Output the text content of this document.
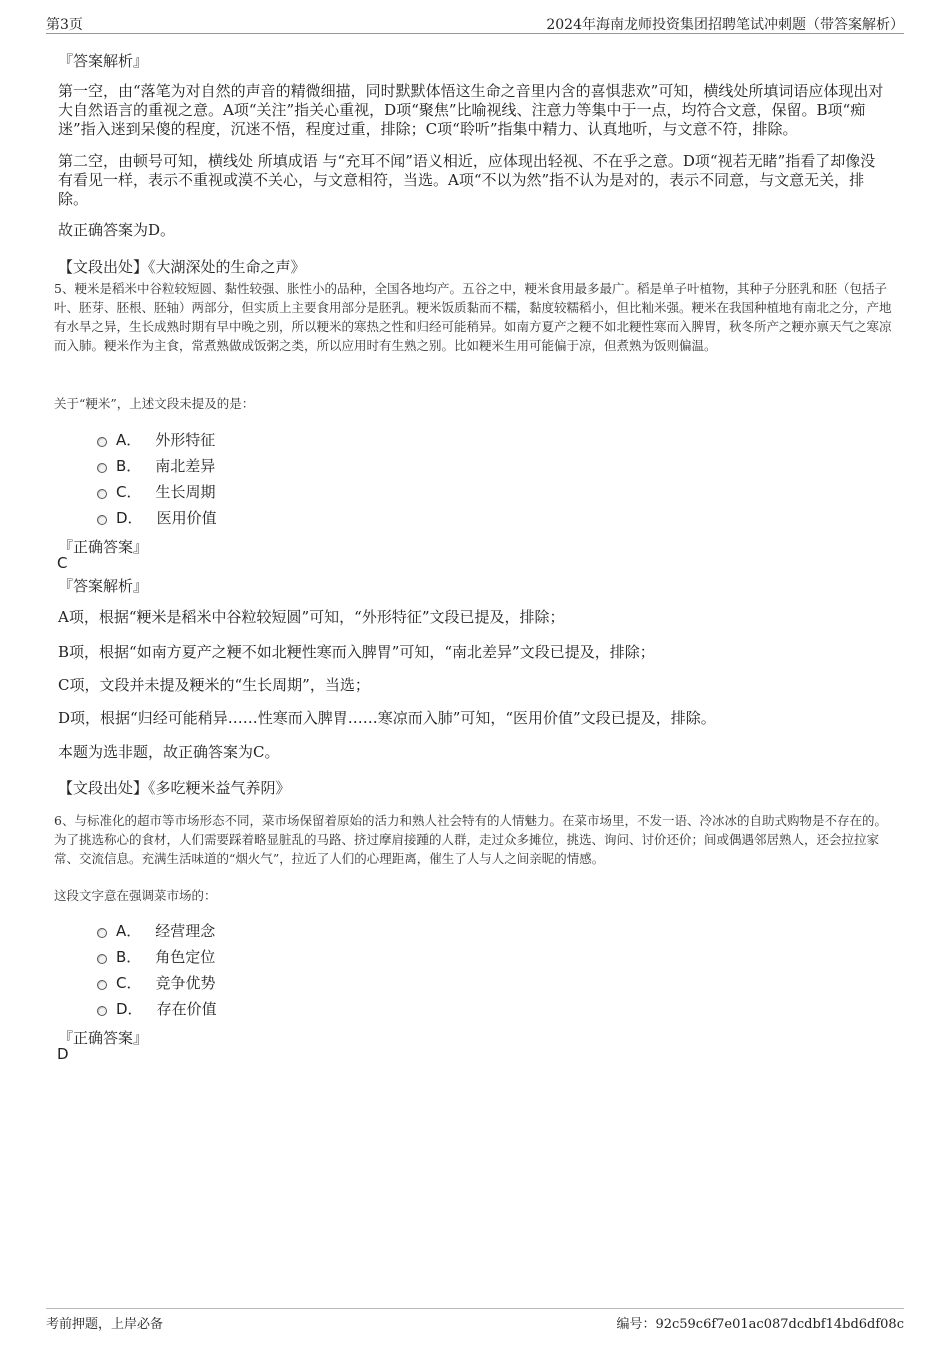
第3页	2024年海南龙师投资集团招聘笔试冲刺题（带答案解析）
『答案解析』
第一空，由“落笔为对自然的声音的精微细描，同时默默体悟这生命之音里内含的喜惧悲欢”可知，横线处所填词语应体现出对大自然语言的重视之意。A项“关注”指关心重视，D项“聚焦”比喻视线、注意力等集中于一点，均符合文意，保留。B项“痴迷”指入迷到呆傻的程度，沉迷不悟，程度过重，排除；C项“聆听”指集中精力、认真地听，与文意不符，排除。
第二空，由顿号可知，横线处 所填成语 与“充耳不闻”语义相近，应体现出轻视、不在乎之意。D项“视若无睹”指看了却像没有看见一样，表示不重视或漠不关心，与文意相符，当选。A项“不以为然”指不认为是对的，表示不同意，与文意无关，排除。
故正确答案为D。
【文段出处】《大湖深处的生命之声》
5、粳米是稻米中谷粒较短圆、黏性较强、胀性小的品种，全国各地均产。五谷之中，粳米食用最多最广。稻是单子叶植物，其种子分胚乳和胚（包括子叶、胚芽、胚根、胚轴）两部分，但实质上主要食用部分是胚乳。粳米饭质黏而不糯，黏度较糯稻小，但比籼米强。粳米在我国种植地有南北之分，产地有水旱之异，生长成熟时期有早中晚之别，所以粳米的寒热之性和归经可能稍异。如南方夏产之粳不如北粳性寒而入脾胃，秋冬所产之粳亦禀天气之寒凉而入肺。粳米作为主食，常煮熟做成饭粥之类，所以应用时有生熟之别。比如粳米生用可能偏于凉，但煮熟为饭则偏温。
关于“粳米”，上述文段未提及的是：
A． 外形特征
B． 南北差异
C． 生长周期
D． 医用价值
『正确答案』
C
『答案解析』
A项，根据“粳米是稻米中谷粒较短圆”可知，“外形特征”文段已提及，排除；
B项，根据“如南方夏产之粳不如北粳性寒而入脾胃”可知，“南北差异”文段已提及，排除；
C项，文段并未提及粳米的“生长周期”，当选；
D项，根据“归经可能稍异……性寒而入脾胃……寒凉而入肺”可知，“医用价值”文段已提及，排除。
本题为选非题，故正确答案为C。
【文段出处】《多吃粳米益气养阴》
6、与标准化的超市等市场形态不同，菜市场保留着原始的活力和熟人社会特有的人情魅力。在菜市场里，不发一语、冷冰冰的自助式购物是不存在的。为了挑选称心的食材，人们需要踩着略显脏乱的马路、挤过摩肩接踵的人群，走过众多摊位，挑选、询问、讨价还价；间或偶遇邻居熟人，还会拉拉家常、交流信息。充满生活味道的“烟火气”，拉近了人们的心理距离，催生了人与人之间亲昵的情感。
这段文字意在强调菜市场的：
A． 经营理念
B． 角色定位
C． 竞争优势
D． 存在价值
『正确答案』
D
考前押题，上岸必备	编号：92c59c6f7e01ac087dcdbf14bd6df08c
